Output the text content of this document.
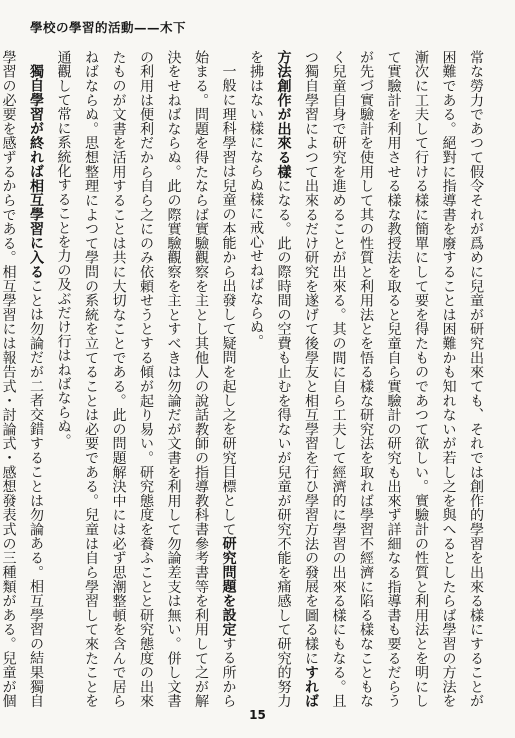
學校の學習的活動——木下

常な勞力であつて假令それが爲めに兒童が研究出來ても、それでは創作的學習を出來る樣にすることが困難である。絕對に指導書を廢することは困難かも知れないが若し之を與へるとしたらば學習の方法を漸次に工夫して行ける樣に簡單にして要を得たものであつて欲しい。實驗計の性質と利用法とを明にして實驗計を利用させる樣な教授法を取ると兒童自ら實驗計の研究も出來ず詳細なる指導書も要るだらうが先づ實驗計を使用して其の性質と利用法とを悟る樣な研究法を取れば學習不經濟に陷る樣なこともなく兒童自身で研究を進めることが出來る。其の間に自ら工夫して經濟的に學習の出來る樣にもなる。且つ獨自學習によつて出來るだけ研究を遂げて後學友と相互學習を行ひ學習方法の發展を圖る樣にすれば方法創作が出來る樣になる。此の際時間の空費も止むを得ないが兒童が研究不能を痛感して研究的努力を拂はない樣にならぬ樣に戒心せねばならぬ。

一般に理科學習は兒童の本能から出發して疑問を起し之を研究目標として研究問題を設定する所から始まる。問題を得たならば實驗觀察を主とし其他人の說話教師の指導教科書參考書等を利用して之が解決をせねばならぬ。此の際實驗觀察を主とすべきは勿論だが文書を利用して勿論差支は無い。併し文書の利用は便利だから自ら之にのみ依頼せうとする傾が起り易い。研究態度を養ふことと研究態度の出來たものが文書を活用することは共に大切なことである。此の問題解決中には必ず思潮整頓を含んで居らねばならぬ。思想整理によつて學問の系統を立てることは必要である。兒童は自ら學習して來たことを通觀して常に系統化することを力の及ぶだけ行はねばならぬ。

獨自學習が終れば相互學習に入ることは勿論だが二者交錯することは勿論ある。相互學習の結果獨自學習の必要を感ずるからである。相互學習には報告式・討論式・感想發表式の三種類がある。兒童が個

15
